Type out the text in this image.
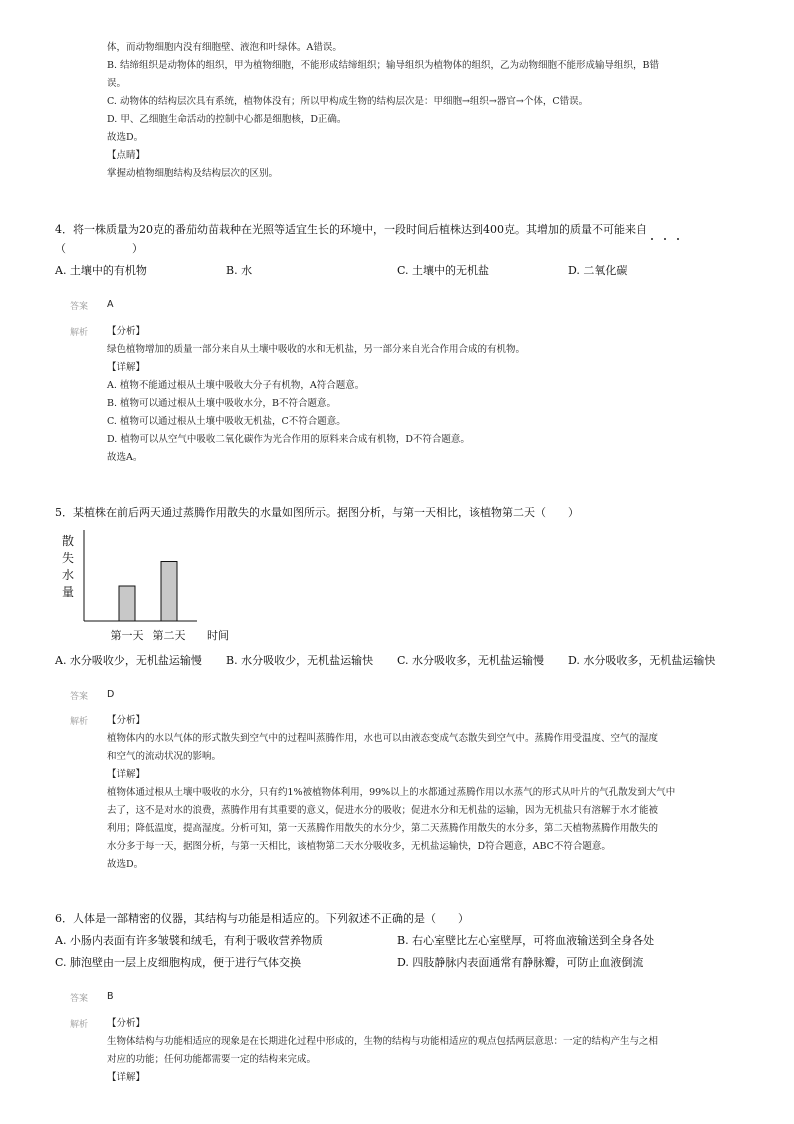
体，而动物细胞内没有细胞壁、液泡和叶绿体。A错误。
B. 结缔组织是动物体的组织，甲为植物细胞，不能形成结缔组织；输导组织为植物体的组织，乙为动物细胞不能形成输导组织，B错
误。
C. 动物体的结构层次具有系统，植物体没有；所以甲构成生物的结构层次是：甲细胞→组织→器官→个体，C错误。
D. 甲、乙细胞生命活动的控制中心都是细胞核，D正确。
故选D。
【点睛】
掌握动植物细胞结构及结构层次的区别。
4．将一株质量为20克的番茄幼苗栽种在光照等适宜生长的环境中，一段时间后植株达到400克。其增加的质量不可能来自
（　　　　　　）
A. 土壤中的有机物	B. 水	C. 土壤中的无机盐	D. 二氧化碳
答案 A
解析 【分析】
绿色植物增加的质量一部分来自从土壤中吸收的水和无机盐，另一部分来自光合作用合成的有机物。
【详解】
A. 植物不能通过根从土壤中吸收大分子有机物，A符合题意。
B. 植物可以通过根从土壤中吸收水分，B不符合题意。
C. 植物可以通过根从土壤中吸收无机盐，C不符合题意。
D. 植物可以从空气中吸收二氧化碳作为光合作用的原料来合成有机物，D不符合题意。
故选A。
5．某植株在前后两天通过蒸腾作用散失的水量如图所示。据图分析，与第一天相比，该植物第二天（　　）
散
失
水
量
第一天 第二天 时间
A. 水分吸收少，无机盐运输慢 B. 水分吸收少，无机盐运输快 C. 水分吸收多，无机盐运输慢 D. 水分吸收多，无机盐运输快
答案 D
解析 【分析】
植物体内的水以气体的形式散失到空气中的过程叫蒸腾作用，水也可以由液态变成气态散失到空气中。蒸腾作用受温度、空气的湿度
和空气的流动状况的影响。
【详解】
植物体通过根从土壤中吸收的水分，只有约1%被植物体利用，99%以上的水都通过蒸腾作用以水蒸气的形式从叶片的气孔散发到大气中
去了，这不是对水的浪费，蒸腾作用有其重要的意义，促进水分的吸收；促进水分和无机盐的运输，因为无机盐只有溶解于水才能被
利用；降低温度，提高湿度。分析可知，第一天蒸腾作用散失的水分少，第二天蒸腾作用散失的水分多，第二天植物蒸腾作用散失的
水分多于每一天，据图分析，与第一天相比，该植物第二天水分吸收多，无机盐运输快，D符合题意，ABC不符合题意。
故选D。
6．人体是一部精密的仪器，其结构与功能是相适应的。下列叙述不正确的是（　　）
A. 小肠内表面有许多皱襞和绒毛，有利于吸收营养物质	B. 右心室壁比左心室壁厚，可将血液输送到全身各处
C. 肺泡壁由一层上皮细胞构成，便于进行气体交换	D. 四肢静脉内表面通常有静脉瓣，可防止血液倒流
答案 B
解析 【分析】
生物体结构与功能相适应的现象是在长期进化过程中形成的，生物的结构与功能相适应的观点包括两层意思：一定的结构产生与之相
对应的功能；任何功能都需要一定的结构来完成。
【详解】
